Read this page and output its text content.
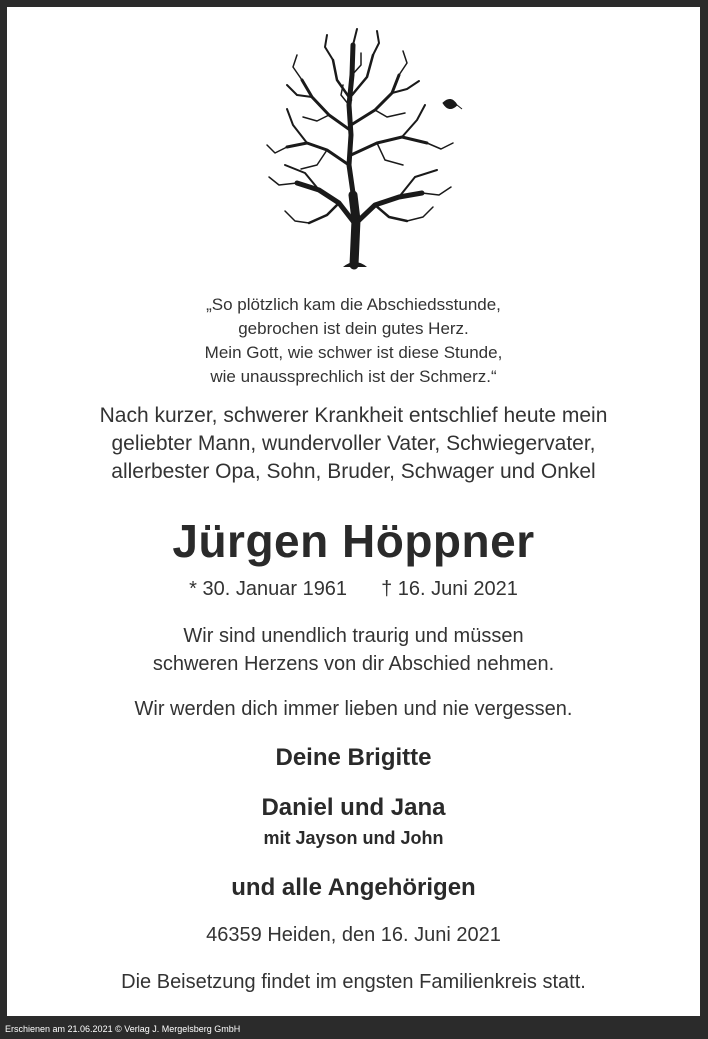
„So plötzlich kam die Abschiedsstunde,
gebrochen ist dein gutes Herz.
Mein Gott, wie schwer ist diese Stunde,
wie unaussprechlich ist der Schmerz.“
Nach kurzer, schwerer Krankheit entschlief heute mein
geliebter Mann, wundervoller Vater, Schwiegervater,
allerbester Opa, Sohn, Bruder, Schwager und Onkel
Jürgen Höppner
* 30. Januar 1961 † 16. Juni 2021
Wir sind unendlich traurig und müssen
schweren Herzens von dir Abschied nehmen.
Wir werden dich immer lieben und nie vergessen.
Deine Brigitte
Daniel und Jana
mit Jayson und John
und alle Angehörigen
46359 Heiden, den 16. Juni 2021
Die Beisetzung findet im engsten Familienkreis statt.
Erschienen am 21.06.2021 © Verlag J. Mergelsberg GmbH
